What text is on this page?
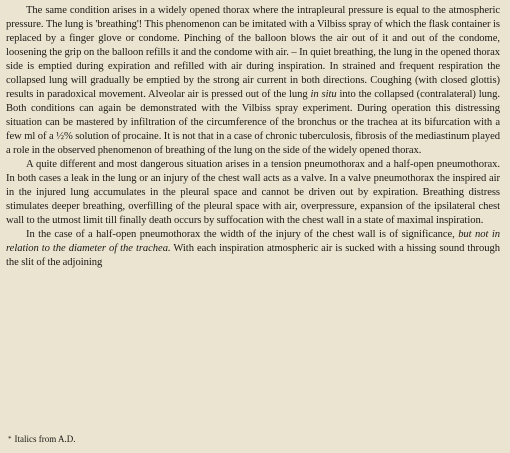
The same condition arises in a widely opened thorax where the intrapleural pressure is equal to the atmospheric pressure. The lung is 'breathing'! This phenomenon can be imitated with a Vilbiss spray of which the flask container is replaced by a finger glove or condome. Pinching of the balloon blows the air out of it and out of the condome, loosening the grip on the balloon refills it and the condome with air. – In quiet breathing, the lung in the opened thorax side is emptied during expiration and refilled with air during inspiration. In strained and frequent respiration the collapsed lung will gradually be emptied by the strong air current in both directions. Coughing (with closed glottis) results in paradoxical movement. Alveolar air is pressed out of the lung in situ into the collapsed (contralateral) lung. Both conditions can again be demonstrated with the Vilbiss spray experiment. During operation this distressing situation can be mastered by infiltration of the circumference of the bronchus or the trachea at its bifurcation with a few ml of a ½% solution of procaine. It is not that in a case of chronic tuberculosis, fibrosis of the mediastinum played a role in the observed phenomenon of breathing of the lung on the side of the widely opened thorax.

A quite different and most dangerous situation arises in a tension pneumothorax and a half-open pneumothorax. In both cases a leak in the lung or an injury of the chest wall acts as a valve. In a valve pneumothorax the inspired air in the injured lung accumulates in the pleural space and cannot be driven out by expiration. Breathing distress stimulates deeper breathing, overfilling of the pleural space with air, overpressure, expansion of the ipsilateral chest wall to the utmost limit till finally death occurs by suffocation with the chest wall in a state of maximal inspiration.

In the case of a half-open pneumothorax the width of the injury of the chest wall is of significance, but not in relation to the diameter of the trachea. With each inspiration atmospheric air is sucked with a hissing sound through the slit of the adjoining

* Italics from A.D.
